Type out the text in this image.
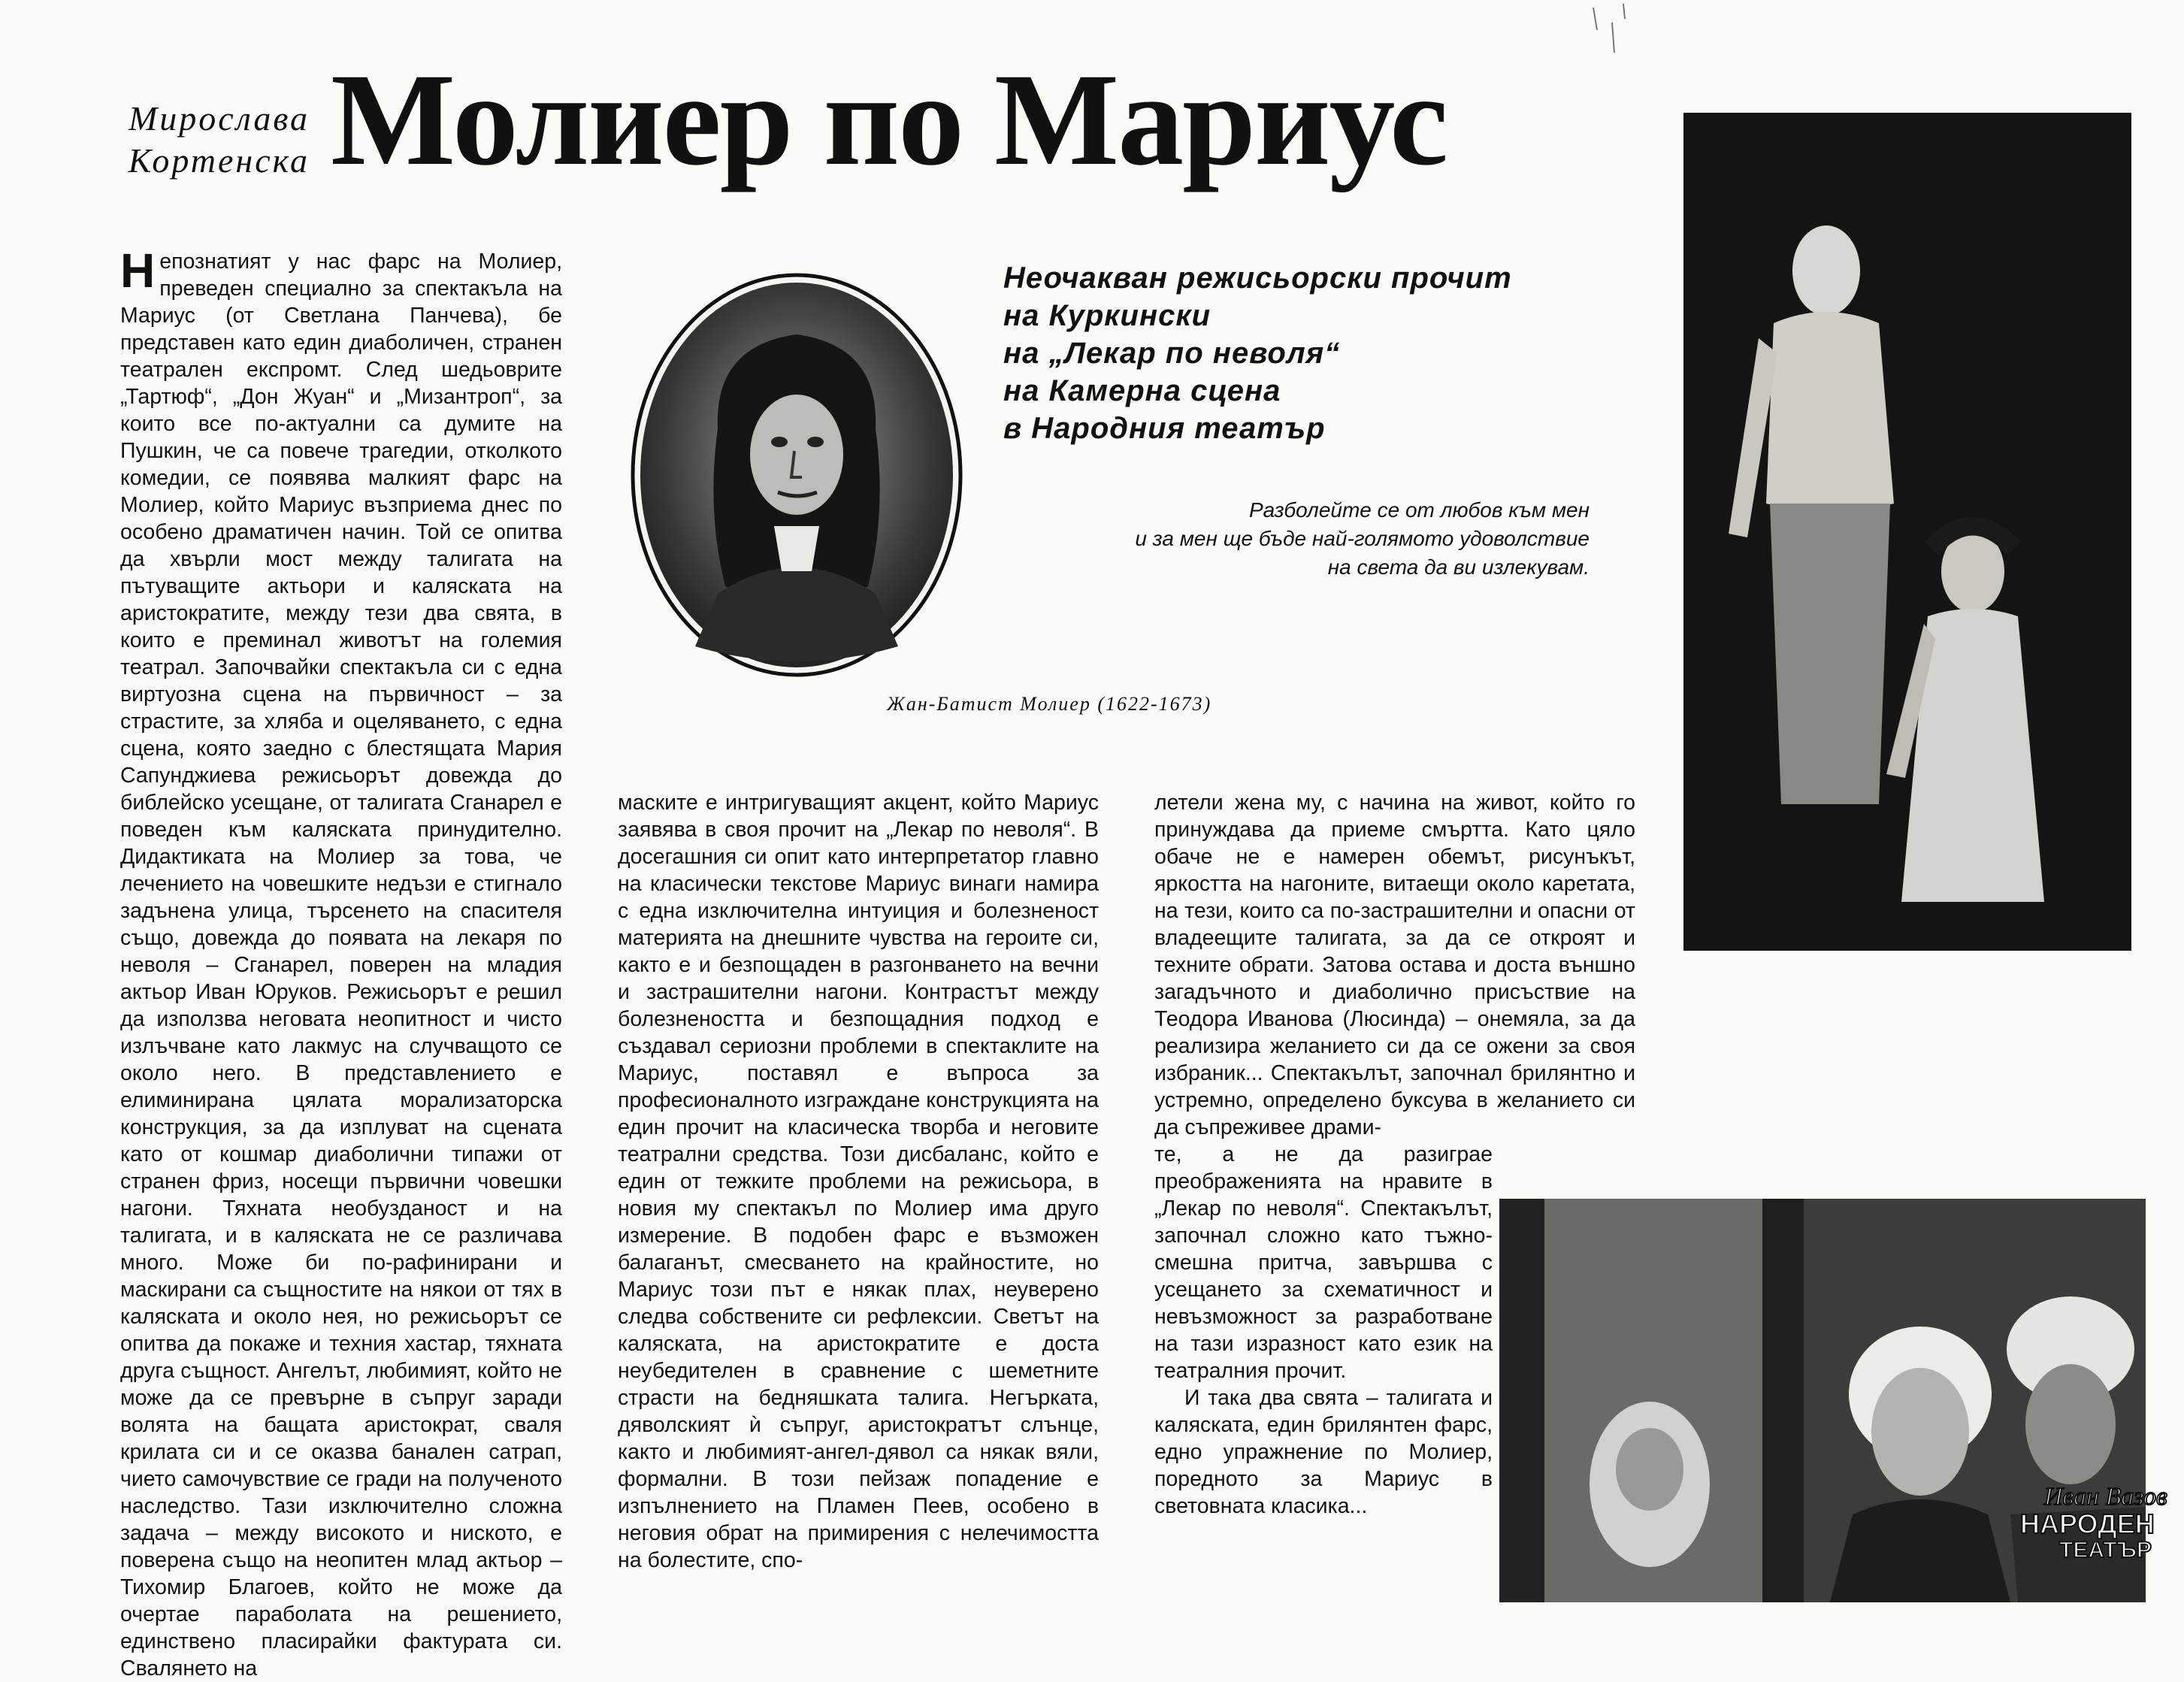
Мирослава
Кортенска Молиер по Мариус
Неочакван режисьорски прочит
на Куркински
на „Лекар по неволя“
на Камерна сцена
в Народния театър
Разболейте се от любов към мен
и за мен ще бъде най-голямото удоволствие
на света да ви излекувам.
Жан-Батист Молиер (1622-1673)

Непознатият у нас фарс на Молиер, преведен специално за спектакъла на Мариус (от Светлана Панчева), бе представен като един диаболичен, странен театрален експромт. След шедьоврите „Тартюф“, „Дон Жуан“ и „Мизантроп“, за които все по-актуални са думите на Пушкин, че са повече трагедии, отколкото комедии, се появява малкият фарс на Молиер, който Мариус възприема днес по особено драматичен начин. Той се опитва да хвърли мост между талигата на пътуващите актьори и каляската на аристократите, между тези два свята, в които е преминал животът на големия театрал. Започвайки спектакъла си с една виртуозна сцена на първичност – за страстите, за хляба и оцеляването, с една сцена, която заедно с блестящата Мария Сапунджиева режисьорът довежда до библейско усещане, от талигата Сганарел е поведен към каляската принудително. Дидактиката на Молиер за това, че лечението на човешките недъзи е стигнало задънена улица, търсенето на спасителя също, довежда до появата на лекаря по неволя – Сганарел, поверен на младия актьор Иван Юруков. Режисьорът е решил да използва неговата неопитност и чисто излъчване като лакмус на случващото се около него. В представлението е елиминирана цялата морализаторска конструкция, за да изплуват на сцената като от кошмар диаболични типажи от странен фриз, носещи първични човешки нагони. Тяхната необузданост и на талигата, и в каляската не се различава много. Може би по-рафинирани и маскирани са същностите на някои от тях в каляската и около нея, но режисьорът се опитва да покаже и техния хастар, тяхната друга същност. Ангелът, любимият, който не може да се превърне в съпруг заради волята на бащата аристократ, сваля крилата си и се оказва банален сатрап, чието самочувствие се гради на полученото наследство. Тази изключително сложна задача – между високото и ниското, е поверена също на неопитен млад актьор – Тихомир Благоев, който не може да очертае параболата на решението, единствено пласирайки фактурата си. Свалянето на

маските е интригуващият акцент, който Мариус заявява в своя прочит на „Лекар по неволя“. В досегашния си опит като интерпретатор главно на класически текстове Мариус винаги намира с една изключителна интуиция и болезненост материята на днешните чувства на героите си, както е и безпощаден в разгонването на вечни и застрашителни нагони. Контрастът между болезнеността и безпощадния подход е създавал сериозни проблеми в спектаклите на Мариус, поставял е въпроса за професионалното изграждане конструкцията на един прочит на класическа творба и неговите театрални средства. Този дисбаланс, който е един от тежките проблеми на режисьора, в новия му спектакъл по Молиер има друго измерение. В подобен фарс е възможен балаганът, смесването на крайностите, но Мариус този път е някак плах, неуверено следва собствените си рефлексии. Светът на каляската, на аристократите е доста неубедителен в сравнение с шеметните страсти на бедняшката талига. Негърката, дяволският ѝ съпруг, аристократът слънце, както и любимият-ангел-дявол са някак вяли, формални. В този пейзаж попадение е изпълнението на Пламен Пеев, особено в неговия обрат на примирения с нелечимостта на болестите, спо-

летели жена му, с начина на живот, който го принуждава да приеме смъртта. Като цяло обаче не е намерен обемът, рисунъкът, яркостта на нагоните, витаещи около каретата, на тези, които са по-застрашителни и опасни от владеещите талигата, за да се откроят и техните обрати. Затова остава и доста външно загадъчното и диаболично присъствие на Теодора Иванова (Люсинда) – онемяла, за да реализира желанието си да се ожени за своя избраник... Спектакълът, започнал брилянтно и устремно, определено буксува в желанието си да съпреживее драми-

те, а не да разиграе преображенията на нравите в „Лекар по неволя“. Спектакълът, започнал сложно като тъжно-смешна притча, завършва с усещането за схематичност и невъзможност за разработване на тази изразност като език на театралния прочит.

И така два свята – талигата и каляската, един брилянтен фарс, едно упражнение по Молиер, поредното за Мариус в световната класика...	Иван Вазов
НАРОДЕН
ТЕАТЪР
